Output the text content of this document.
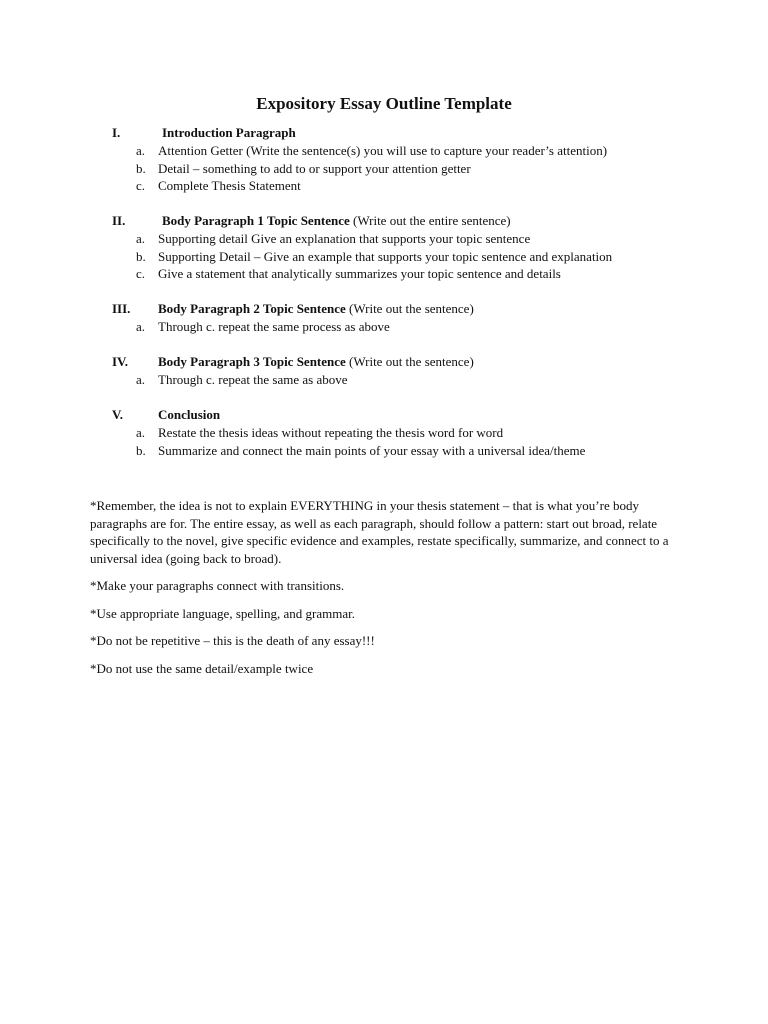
Expository Essay Outline Template
I.	Introduction Paragraph
a. Attention Getter (Write the sentence(s) you will use to capture your reader’s attention)
b. Detail – something to add to or support your attention getter
c. Complete Thesis Statement
II.	Body Paragraph 1 Topic Sentence (Write out the entire sentence)
a. Supporting detail Give an explanation that supports your topic sentence
b. Supporting Detail – Give an example that supports your topic sentence and explanation
c. Give a statement that analytically summarizes your topic sentence and details
III. Body Paragraph 2 Topic Sentence (Write out the sentence)
a. Through c. repeat the same process as above
IV. Body Paragraph 3 Topic Sentence (Write out the sentence)
a. Through c. repeat the same as above
V.	Conclusion
a. Restate the thesis ideas without repeating the thesis word for word
b. Summarize and connect the main points of your essay with a universal idea/theme

*Remember, the idea is not to explain EVERYTHING in your thesis statement – that is what you’re body paragraphs are for. The entire essay, as well as each paragraph, should follow a pattern: start out broad, relate specifically to the novel, give specific evidence and examples, restate specifically, summarize, and connect to a universal idea (going back to broad).

*Make your paragraphs connect with transitions.

*Use appropriate language, spelling, and grammar.

*Do not be repetitive – this is the death of any essay!!!

*Do not use the same detail/example twice
